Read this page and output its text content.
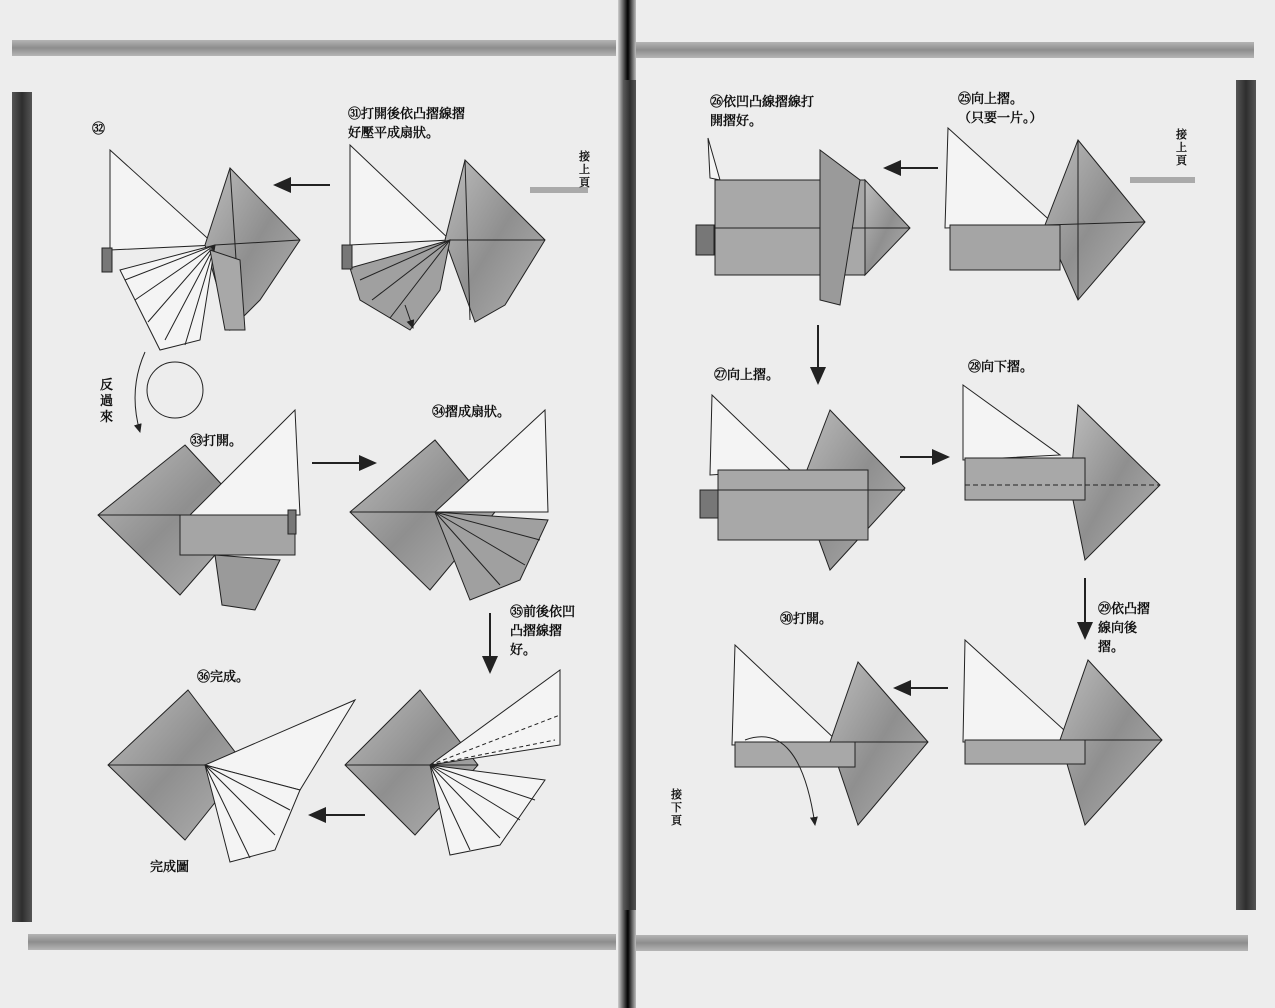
接上頁
㉛打開後依凸摺線摺
好壓平成扇狀。
㉜
反過來
㉝打開。
㉞摺成扇狀。
㉟前後依凹
凸摺線摺
好。
㊱完成。
完成圖
接上頁
接下頁
㉕向上摺。
（只要一片。）
㉖依凹凸線摺線打
開摺好。
㉗向上摺。
㉘向下摺。
㉙依凸摺
線向後
摺。
㉚打開。
